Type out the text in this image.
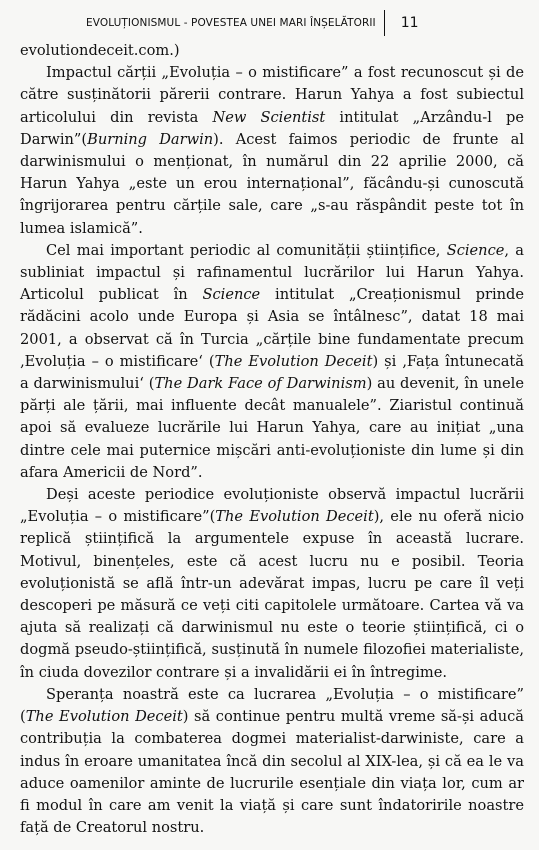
EVOLUȚIONISMUL - POVESTEA UNEI MARI ÎNȘELĂTORII 11

evolutiondeceit.com.)

Impactul cărții „Evoluția – o mistificare” a fost recunoscut și de către susținătorii părerii contrare. Harun Yahya a fost subiectul articolului din revista New Scientist intitulat „Arzându-l pe Darwin”(Burning Darwin). Acest faimos periodic de frunte al darwinismului o menționat, în numărul din 22 aprilie 2000, că Harun Yahya „este un erou internațional”, făcându-și cunoscută îngrijorarea pentru cărțile sale, care „s-au răspândit peste tot în lumea islamică”.

Cel mai important periodic al comunității științifice, Science, a subliniat impactul și rafinamentul lucrărilor lui Harun Yahya. Articolul publicat în Science intitulat „Creaționismul prinde rădăcini acolo unde Europa și Asia se întâlnesc”, datat 18 mai 2001, a observat că în Turcia „cărțile bine fundamentate precum ‚Evoluția – o mistificare‘ (The Evolution Deceit) și ‚Fața întunecată a darwinismului‘ (The Dark Face of Darwinism) au devenit, în unele părți ale țării, mai influente decât manualele”. Ziaristul continuă apoi să evalueze lucrările lui Harun Yahya, care au inițiat „una dintre cele mai puternice mișcări anti-evoluționiste din lume și din afara Americii de Nord”.

Deși aceste periodice evoluționiste observă impactul lucrării „Evoluția – o mistificare”(The Evolution Deceit), ele nu oferă nicio replică științifică la argumentele expuse în această lucrare. Motivul, binențeles, este că acest lucru nu e posibil. Teoria evoluționistă se află într-un adevărat impas, lucru pe care îl veți descoperi pe măsură ce veți citi capitolele următoare. Cartea vă va ajuta să realizați că darwinismul nu este o teorie științifică, ci o dogmă pseudo-științifică, susținută în numele filozofiei materialiste, în ciuda dovezilor contrare și a invalidării ei în întregime.

Speranța noastră este ca lucrarea „Evoluția – o mistificare” (The Evolution Deceit) să continue pentru multă vreme să-și aducă contribuția la combaterea dogmei materialist-darwiniste, care a indus în eroare umanitatea încă din secolul al XIX-lea, și că ea le va aduce oamenilor aminte de lucrurile esențiale din viața lor, cum ar fi modul în care am venit la viață și care sunt îndatoririle noastre față de Creatorul nostru.
